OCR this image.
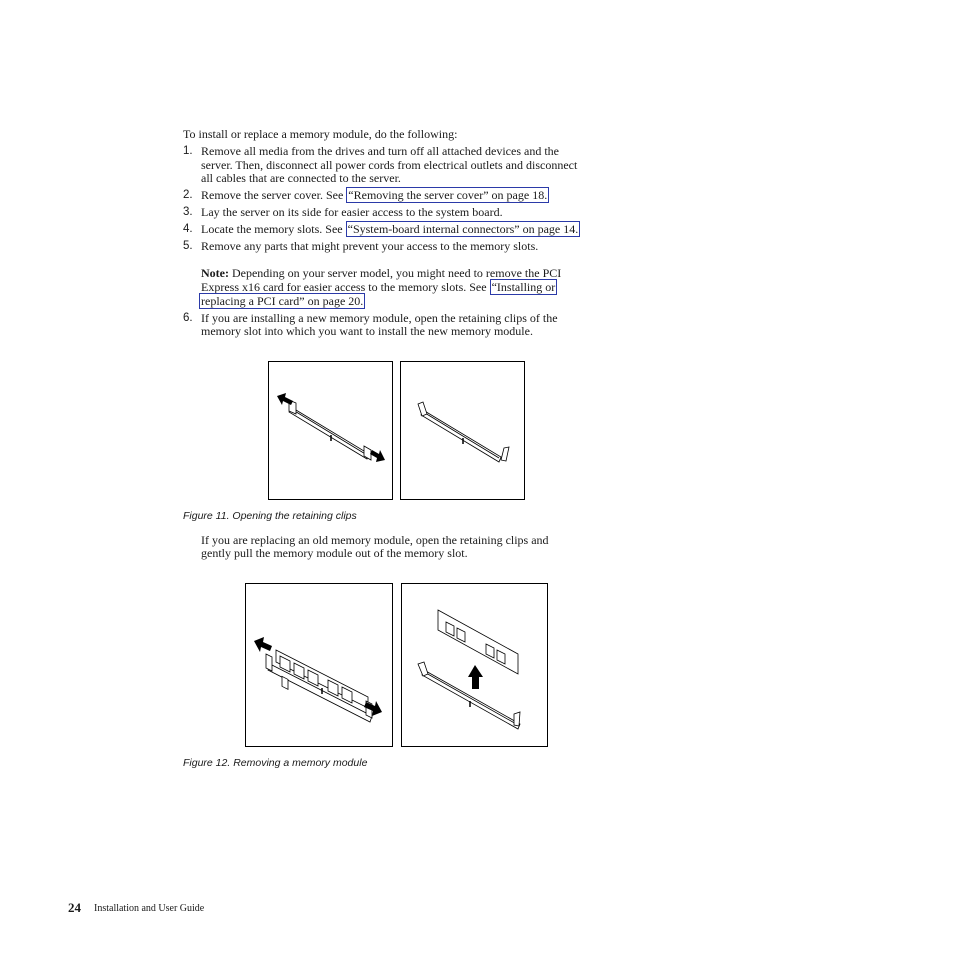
To install or replace a memory module, do the following:
1. Remove all media from the drives and turn off all attached devices and the
server. Then, disconnect all power cords from electrical outlets and disconnect
all cables that are connected to the server.
2. Remove the server cover. See “Removing the server cover” on page 18.
3. Lay the server on its side for easier access to the system board.
4. Locate the memory slots. See “System-board internal connectors” on page 14.
5. Remove any parts that might prevent your access to the memory slots.
Note: Depending on your server model, you might need to remove the PCI
Express x16 card for easier access to the memory slots. See “Installing or
replacing a PCI card” on page 20.
6. If you are installing a new memory module, open the retaining clips of the
memory slot into which you want to install the new memory module.
Figure 11. Opening the retaining clips
If you are replacing an old memory module, open the retaining clips and
gently pull the memory module out of the memory slot.
Figure 12. Removing a memory module
24 Installation and User Guide
